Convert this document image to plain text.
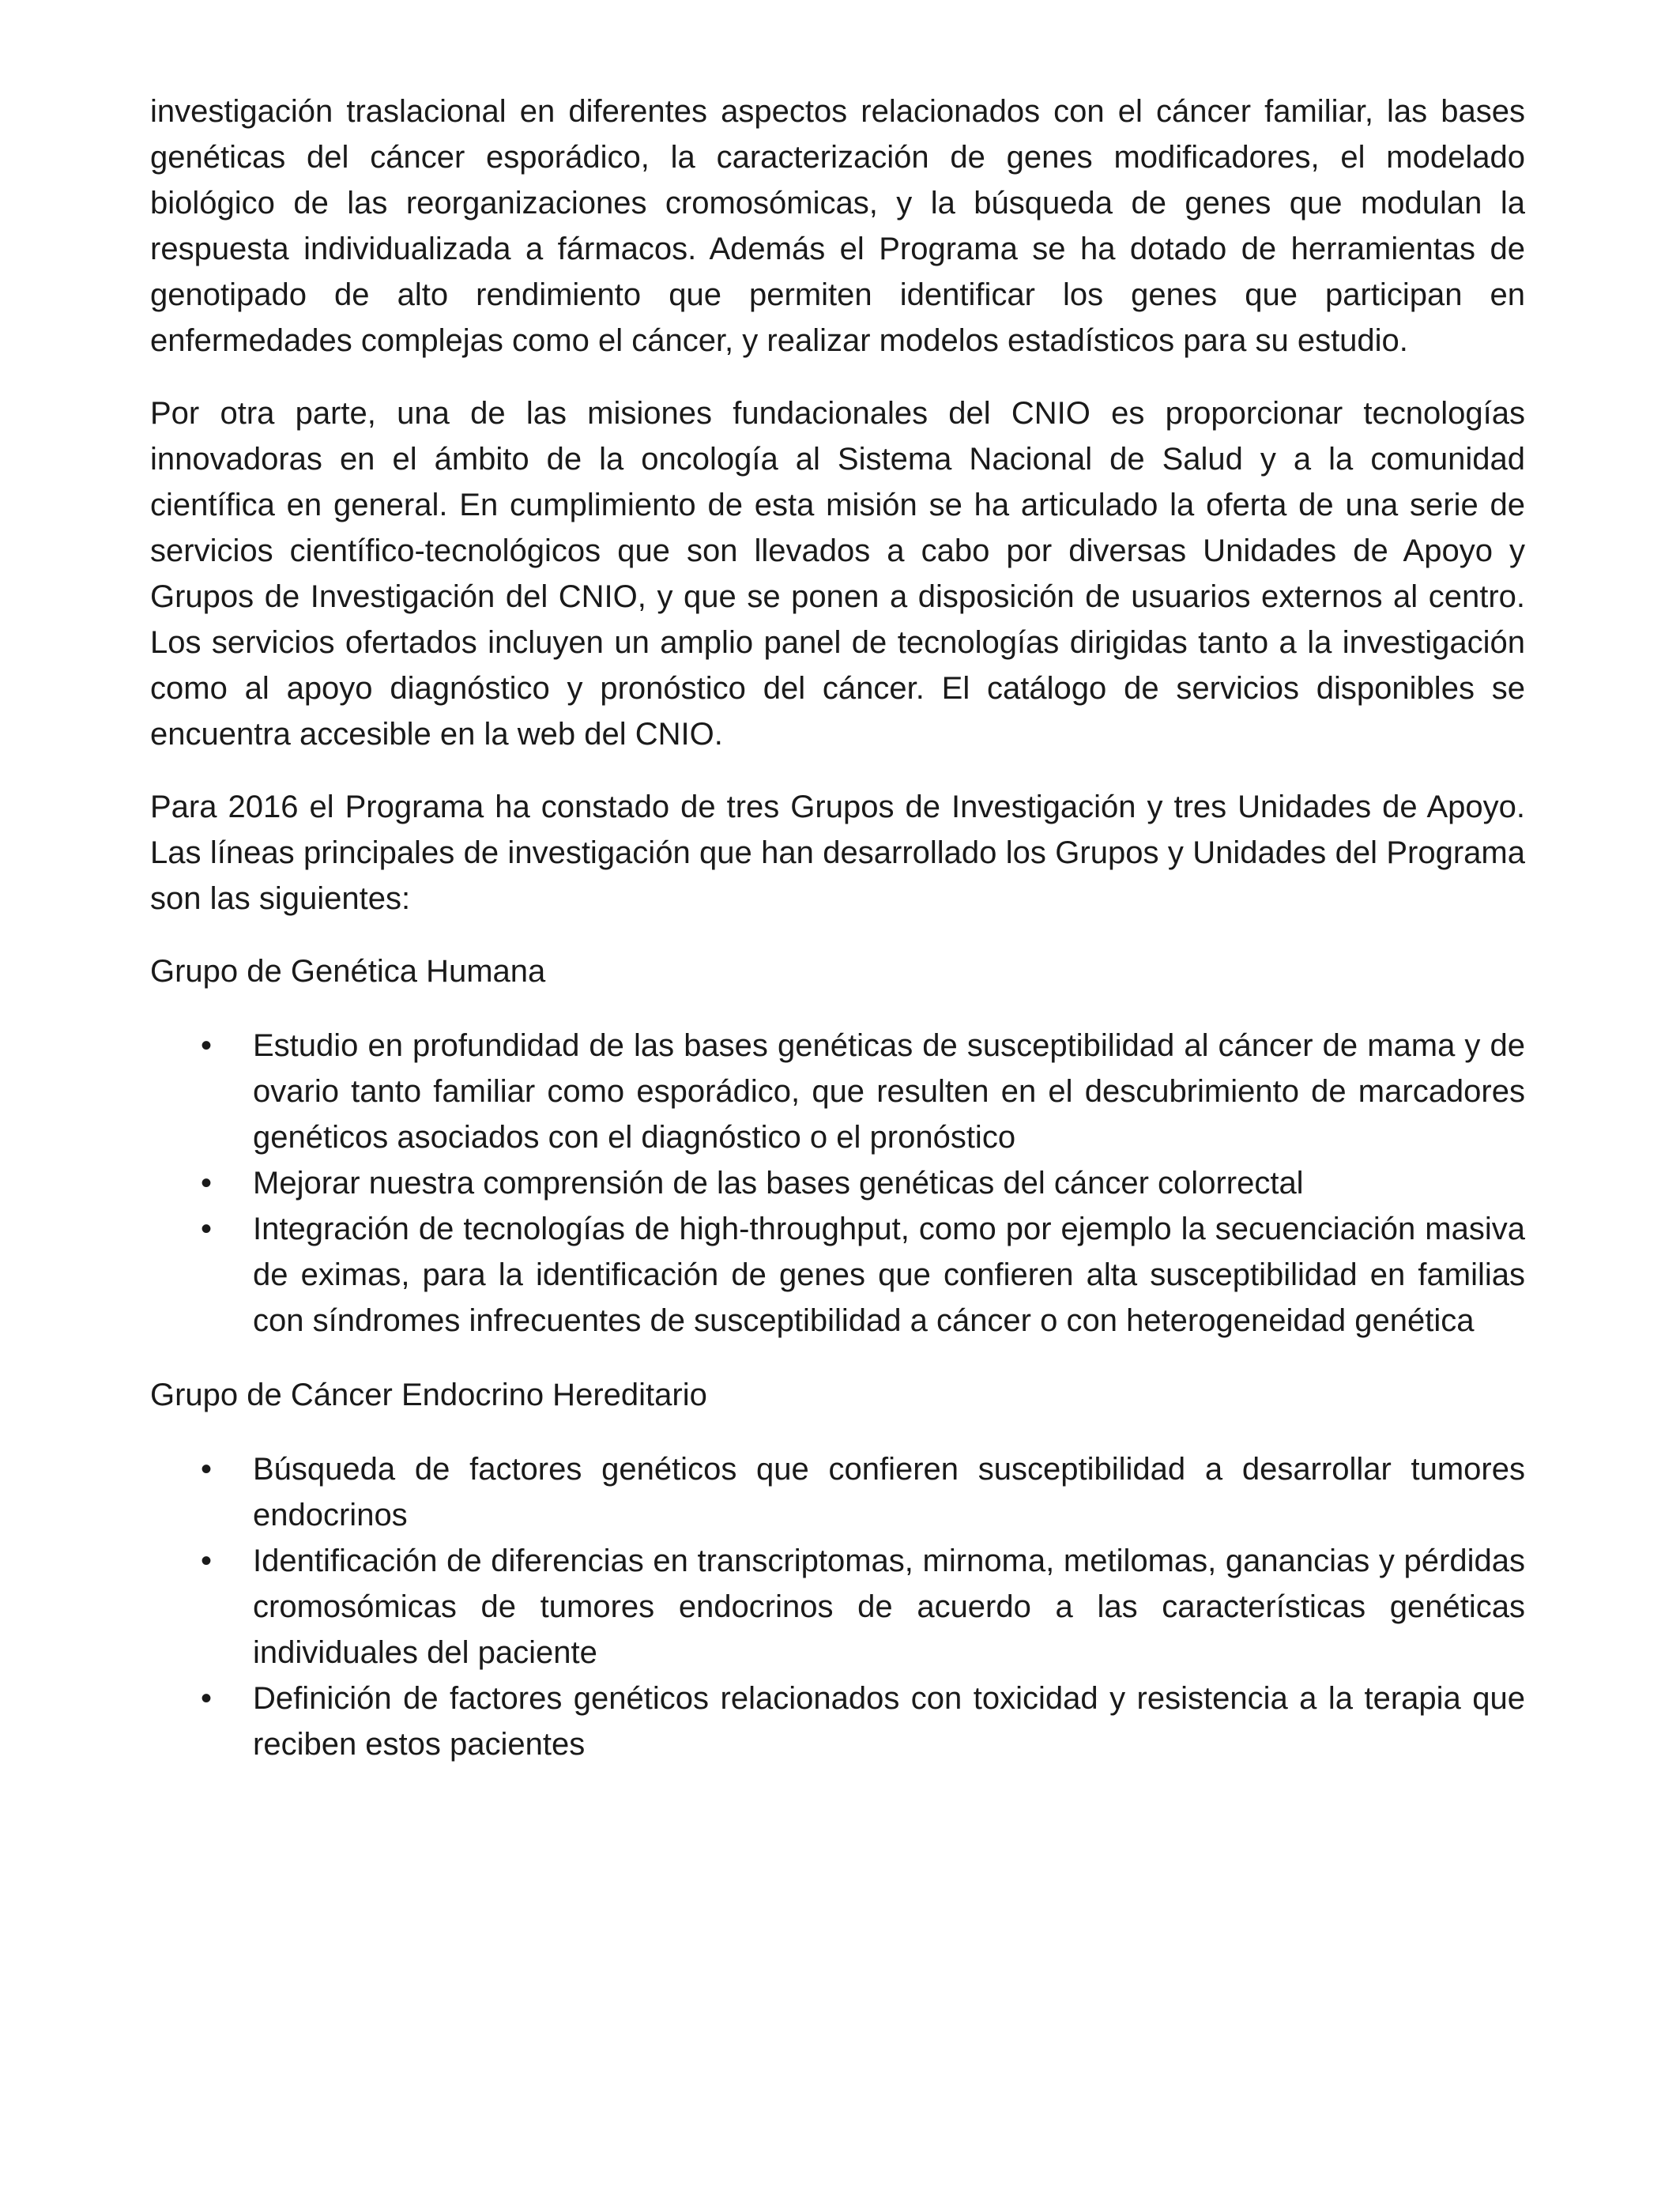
investigación traslacional en diferentes aspectos relacionados con el cáncer familiar, las bases genéticas del cáncer esporádico, la caracterización de genes modificadores, el modelado biológico de las reorganizaciones cromosómicas, y la búsqueda de genes que modulan la respuesta individualizada a fármacos. Además el Programa se ha dotado de herramientas de genotipado de alto rendimiento que permiten identificar los genes que participan en enfermedades complejas como el cáncer, y realizar modelos estadísticos para su estudio.

Por otra parte, una de las misiones fundacionales del CNIO es proporcionar tecnologías innovadoras en el ámbito de la oncología al Sistema Nacional de Salud y a la comunidad científica en general. En cumplimiento de esta misión se ha articulado la oferta de una serie de servicios científico-tecnológicos que son llevados a cabo por diversas Unidades de Apoyo y Grupos de Investigación del CNIO, y que se ponen a disposición de usuarios externos al centro. Los servicios ofertados incluyen un amplio panel de tecnologías dirigidas tanto a la investigación como al apoyo diagnóstico y pronóstico del cáncer. El catálogo de servicios disponibles se encuentra accesible en la web del CNIO.

Para 2016 el Programa ha constado de tres Grupos de Investigación y tres Unidades de Apoyo. Las líneas principales de investigación que han desarrollado los Grupos y Unidades del Programa son las siguientes:

Grupo de Genética Humana
•	Estudio en profundidad de las bases genéticas de susceptibilidad al cáncer de mama y de ovario tanto familiar como esporádico, que resulten en el descubrimiento de marcadores genéticos asociados con el diagnóstico o el pronóstico
•	Mejorar nuestra comprensión de las bases genéticas del cáncer colorrectal
•	Integración de tecnologías de high-throughput, como por ejemplo la secuenciación masiva de eximas, para la identificación de genes que confieren alta susceptibilidad en familias con síndromes infrecuentes de susceptibilidad a cáncer o con heterogeneidad genética
Grupo de Cáncer Endocrino Hereditario
•	Búsqueda de factores genéticos que confieren susceptibilidad a desarrollar tumores endocrinos
•	Identificación de diferencias en transcriptomas, mirnoma, metilomas, ganancias y pérdidas cromosómicas de tumores endocrinos de acuerdo a las características genéticas individuales del paciente
•	Definición de factores genéticos relacionados con toxicidad y resistencia a la terapia que reciben estos pacientes
